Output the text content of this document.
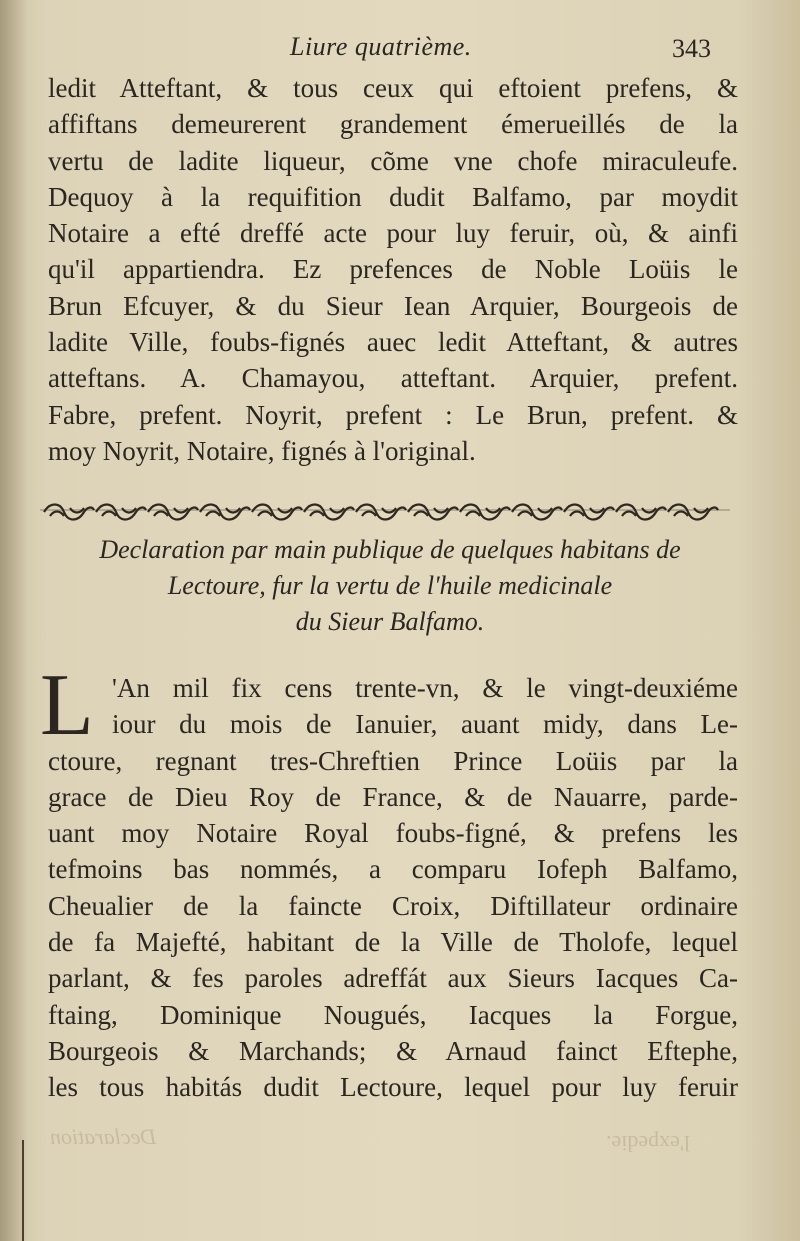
Liure quatrième.	343
ledit Atteftant, & tous ceux qui eftoient prefens, &
affiftans demeurerent grandement émerueillés de la
vertu de ladite liqueur, cõme vne chofe miraculeufe.
Dequoy à la requifition dudit Balfamo, par moydit
Notaire a efté dreffé acte pour luy feruir, où, & ainfi
qu'il appartiendra. Ez prefences de Noble Loüis le
Brun Efcuyer, & du Sieur Iean Arquier, Bourgeois de
ladite Ville, foubs-fignés auec ledit Atteftant, & autres
atteftans. A. Chamayou, atteftant. Arquier, prefent.
Fabre, prefent. Noyrit, prefent : Le Brun, prefent. &
moy Noyrit, Notaire, fignés à l'original.
Declaration par main publique de quelques habitans de
Lectoure, fur la vertu de l'huile medicinale
du Sieur Balfamo.
L 'An mil fix cens trente-vn, & le vingt-deuxiéme
iour du mois de Ianuier, auant midy, dans Le-
ctoure, regnant tres-Chreftien Prince Loüis par la
grace de Dieu Roy de France, & de Nauarre, parde-
uant moy Notaire Royal foubs-figné, & prefens les
tefmoins bas nommés, a comparu Iofeph Balfamo,
Cheualier de la faincte Croix, Diftillateur ordinaire
de fa Majefté, habitant de la Ville de Tholofe, lequel
parlant, & fes paroles adreffát aux Sieurs Iacques Ca-
ftaing, Dominique Nougués, Iacques la Forgue,
Bourgeois & Marchands; & Arnaud fainct Eftephe,
les tous habitás dudit Lectoure, lequel pour luy feruir
Declaration	l'expedie.
